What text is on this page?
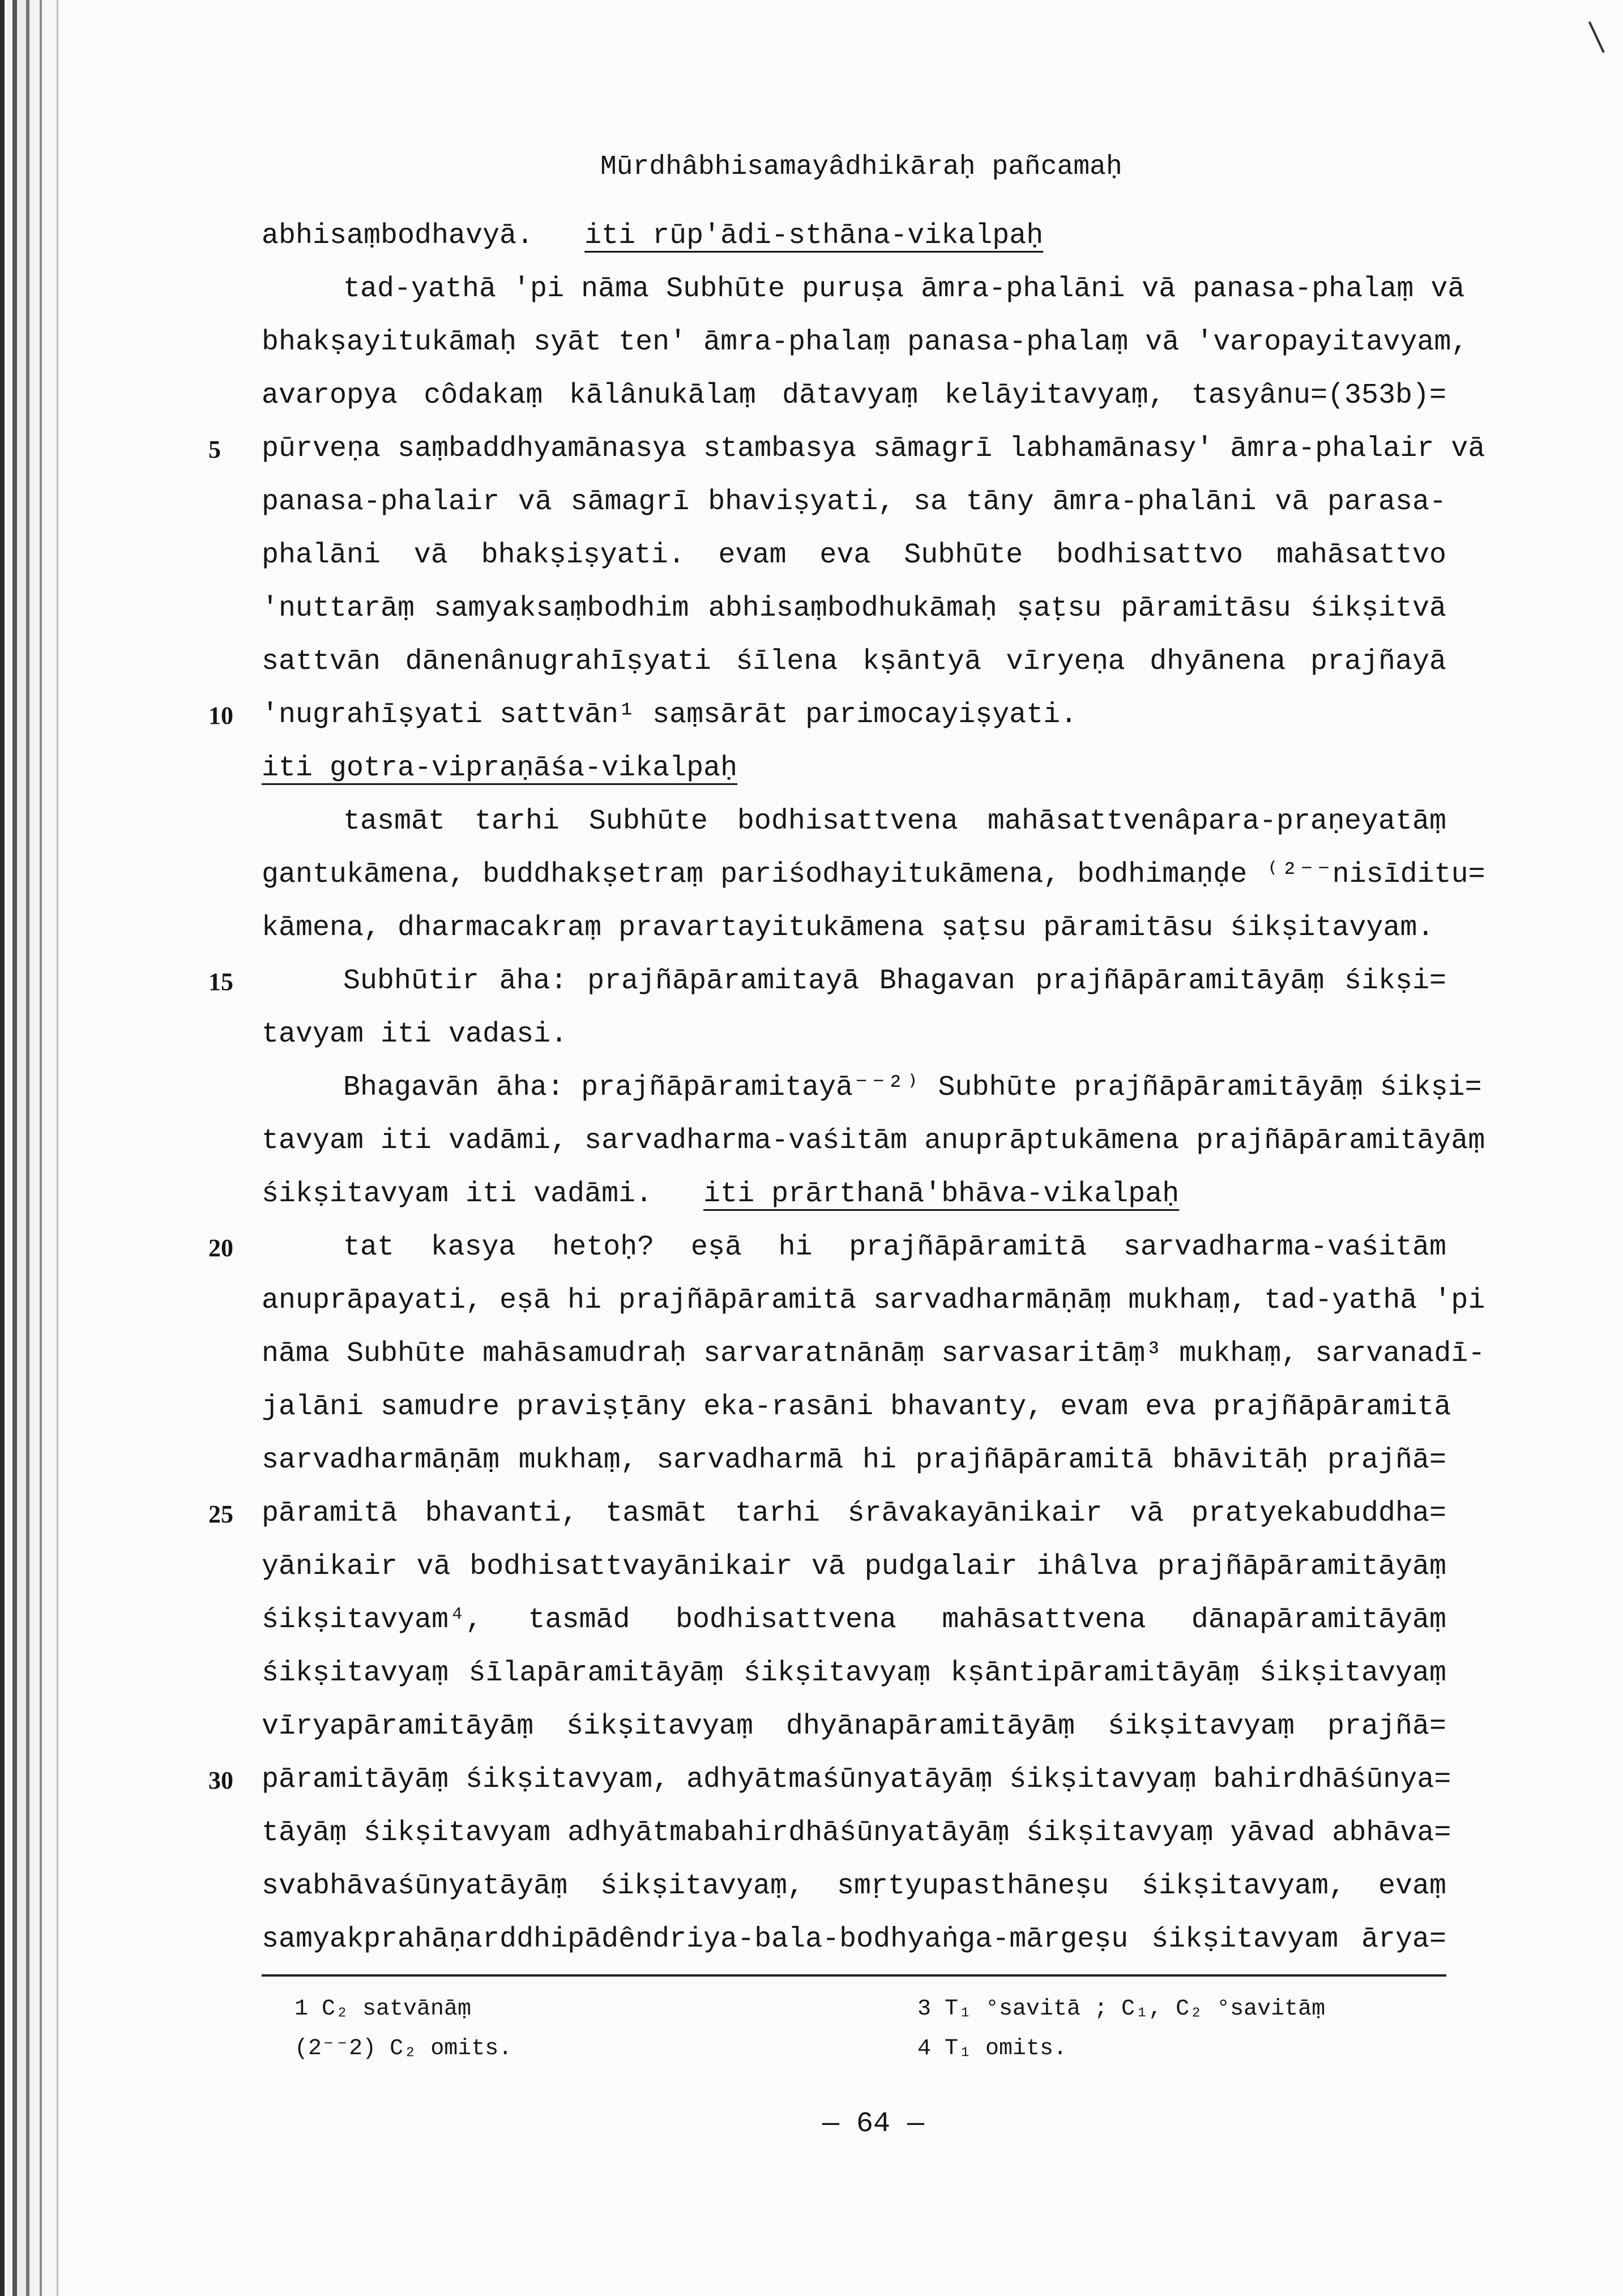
Mūrdhâbhisamayâdhikāraḥ pañcamaḥ
abhisaṃbodhavyā.   iti rūp'ādi-sthāna-vikalpaḥ
tad-yathā 'pi nāma Subhūte puruṣa āmra-phalāni vā panasa-phalaṃ vā
bhakṣayitukāmaḥ syāt ten' āmra-phalaṃ panasa-phalaṃ vā 'varopayitavyam,
avaropya côdakaṃ kālânukālaṃ dātavyaṃ kelāyitavyaṃ, tasyânu=(353b)=
pūrveṇa saṃbaddhyamānasya stambasya sāmagrī labhamānasy' āmra-phalair vā
panasa-phalair vā sāmagrī bhaviṣyati, sa tāny āmra-phalāni vā parasa-
phalāni vā bhakṣiṣyati. evam eva Subhūte bodhisattvo mahāsattvo
'nuttarāṃ samyaksaṃbodhim abhisaṃbodhukāmaḥ ṣaṭsu pāramitāsu śikṣitvā
sattvān dānenânugrahīṣyati śīlena kṣāntyā vīryeṇa dhyānena prajñayā
'nugrahīṣyati sattvān¹ saṃsārāt parimocayiṣyati.
iti gotra-vipraṇāśa-vikalpaḥ
tasmāt tarhi Subhūte bodhisattvena mahāsattvenâpara-praṇeyatāṃ
gantukāmena, buddhakṣetraṃ pariśodhayitukāmena, bodhimaṇḍe ⁽²⁻⁻nisīditu=
kāmena, dharmacakraṃ pravartayitukāmena ṣaṭsu pāramitāsu śikṣitavyam.
Subhūtir āha: prajñāpāramitayā Bhagavan prajñāpāramitāyāṃ śikṣi=
tavyam iti vadasi.
Bhagavān āha: prajñāpāramitayā⁻⁻²⁾ Subhūte prajñāpāramitāyāṃ śikṣi=
tavyam iti vadāmi, sarvadharma-vaśitām anuprāptukāmena prajñāpāramitāyāṃ
śikṣitavyam iti vadāmi.   iti prārthanā'bhāva-vikalpaḥ
tat kasya hetoḥ? eṣā hi prajñāpāramitā sarvadharma-vaśitām
anuprāpayati, eṣā hi prajñāpāramitā sarvadharmāṇāṃ mukhaṃ, tad-yathā 'pi
nāma Subhūte mahāsamudraḥ sarvaratnānāṃ sarvasaritāṃ³ mukhaṃ, sarvanadī-
jalāni samudre praviṣṭāny eka-rasāni bhavanty, evam eva prajñāpāramitā
sarvadharmāṇāṃ mukhaṃ, sarvadharmā hi prajñāpāramitā bhāvitāḥ prajñā=
pāramitā bhavanti, tasmāt tarhi śrāvakayānikair vā pratyekabuddha=
yānikair vā bodhisattvayānikair vā pudgalair ihâlva prajñāpāramitāyāṃ
śikṣitavyam⁴, tasmād bodhisattvena mahāsattvena dānapāramitāyāṃ
śikṣitavyaṃ śīlapāramitāyāṃ śikṣitavyaṃ kṣāntipāramitāyāṃ śikṣitavyaṃ
vīryapāramitāyāṃ śikṣitavyaṃ dhyānapāramitāyāṃ śikṣitavyaṃ prajñā=
pāramitāyāṃ śikṣitavyam, adhyātmaśūnyatāyāṃ śikṣitavyaṃ bahirdhāśūnya=
tāyāṃ śikṣitavyam adhyātmabahirdhāśūnyatāyāṃ śikṣitavyaṃ yāvad abhāva=
svabhāvaśūnyatāyāṃ śikṣitavyaṃ, smṛtyupasthāneṣu śikṣitavyam, evaṃ
samyakprahāṇarddhipādêndriya-bala-bodhyaṅga-mārgeṣu śikṣitavyam ārya=
5
10
15
20
25
30
1 C₂ satvānāṃ
(2⁻⁻2) C₂ omits.
3 T₁ °savitā ; C₁, C₂ °savitāṃ
4 T₁ omits.
— 64 —
